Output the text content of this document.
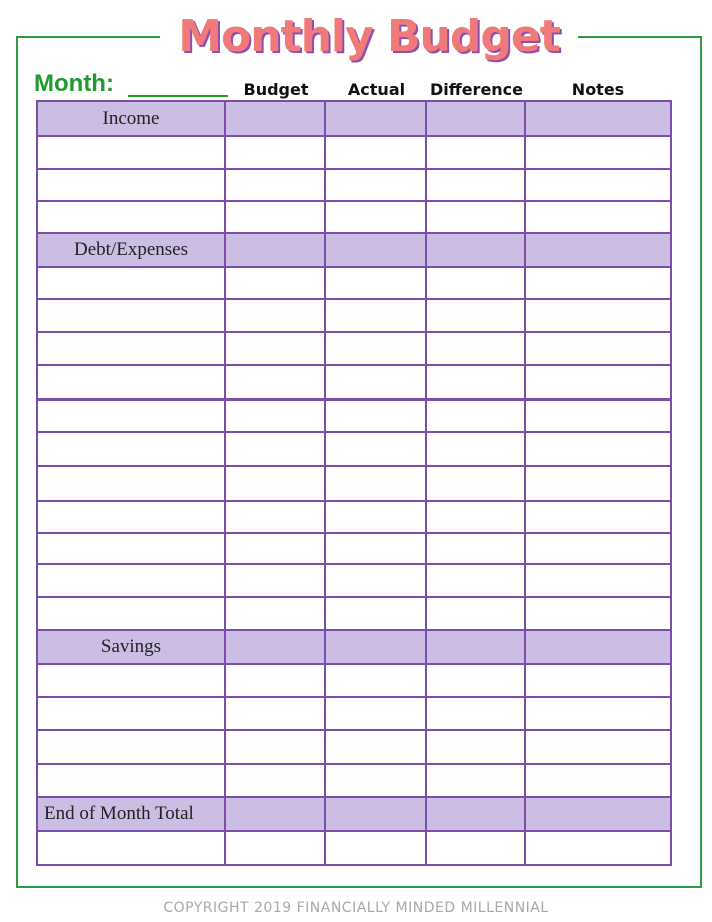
Monthly Budget
Month:	Budget	Actual	Difference	Notes
Income
Debt/Expenses
Savings
End of Month Total
COPYRIGHT 2019 FINANCIALLY MINDED MILLENNIAL
